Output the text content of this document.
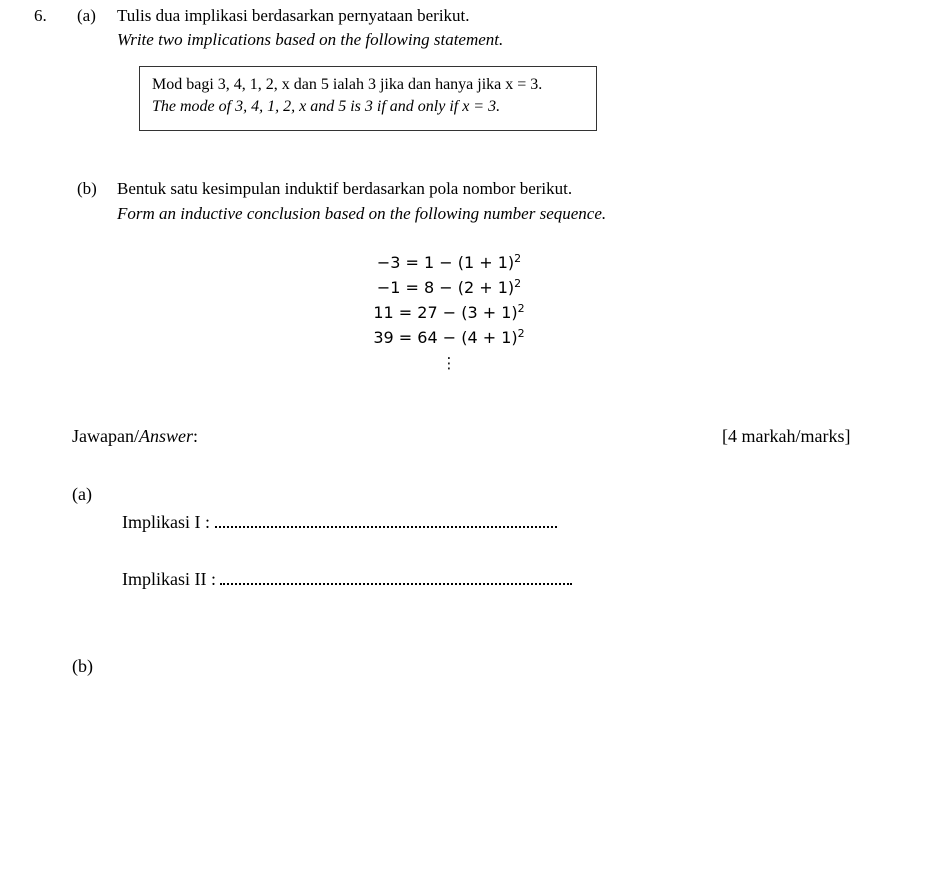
6. (a) Tulis dua implikasi berdasarkan pernyataan berikut.
Write two implications based on the following statement.
Mod bagi 3, 4, 1, 2, x dan 5 ialah 3 jika dan hanya jika x = 3.
The mode of 3, 4, 1, 2, x and 5 is 3 if and only if x = 3.
(b) Bentuk satu kesimpulan induktif berdasarkan pola nombor berikut.
Form an inductive conclusion based on the following number sequence.
$-3 = 1 - (1 + 1)^2$
$-1 = 8 - (2 + 1)^2$
$11 = 27 - (3 + 1)^2$
$39 = 64 - (4 + 1)^2$
⋮
Jawapan/Answer:	[4 markah/marks]
(a)
Implikasi I :
Implikasi II :
(b)
